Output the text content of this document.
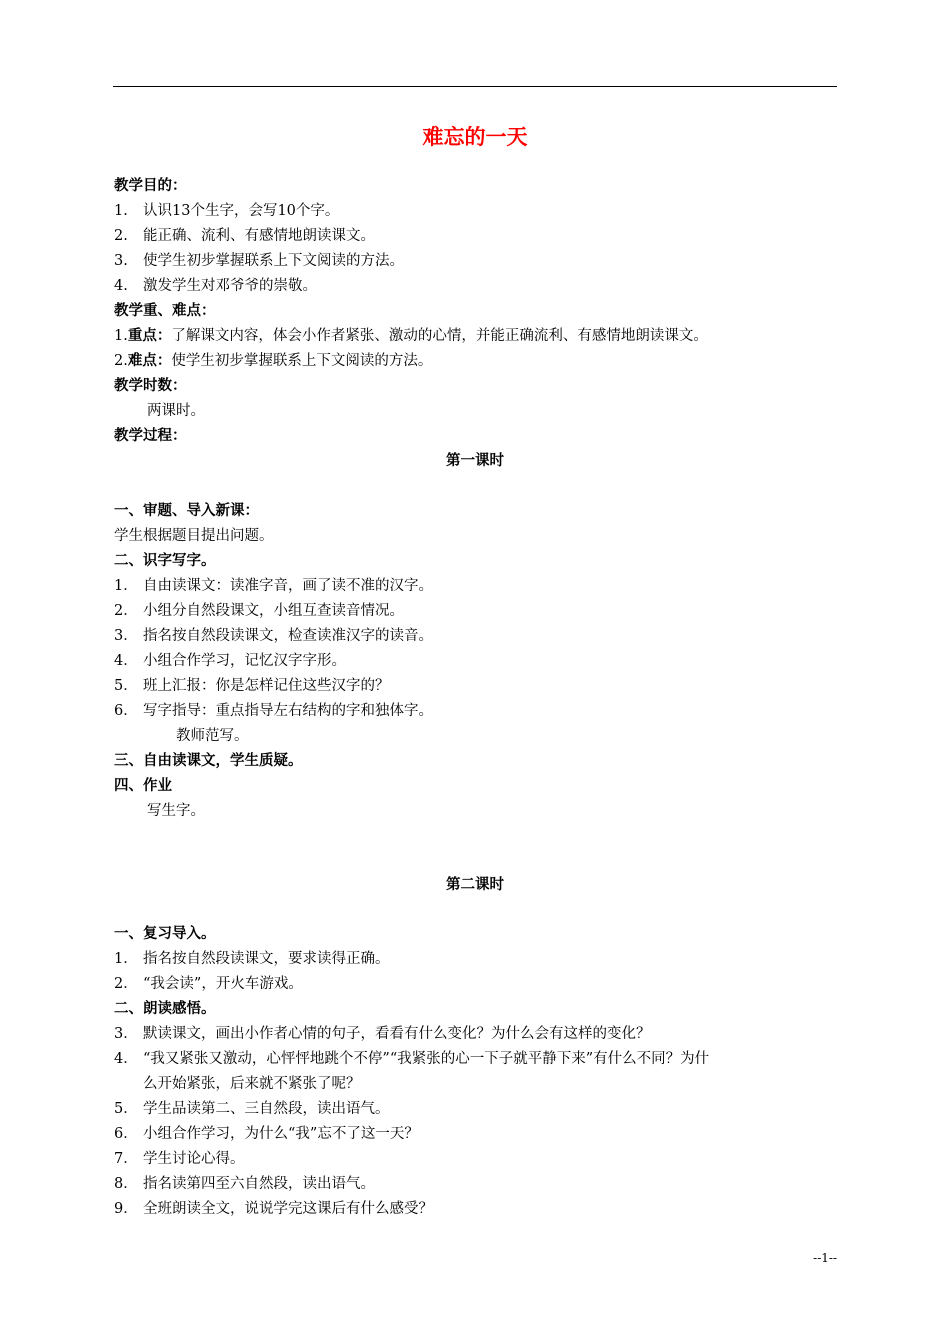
难忘的一天
教学目的：
1. 认识13个生字，会写10个字。
2. 能正确、流利、有感情地朗读课文。
3. 使学生初步掌握联系上下文阅读的方法。
4. 激发学生对邓爷爷的崇敬。
教学重、难点：
1.重点：了解课文内容，体会小作者紧张、激动的心情，并能正确流利、有感情地朗读课文。
2.难点：使学生初步掌握联系上下文阅读的方法。
教学时数：
两课时。
教学过程：
第一课时
一、审题、导入新课：
学生根据题目提出问题。
二、识字写字。
1． 自由读课文：读准字音，画了读不准的汉字。
2． 小组分自然段课文，小组互查读音情况。
3． 指名按自然段读课文，检查读准汉字的读音。
4． 小组合作学习，记忆汉字字形。
5． 班上汇报：你是怎样记住这些汉字的？
6． 写字指导：重点指导左右结构的字和独体字。
教师范写。
三、自由读课文，学生质疑。
四、作业
写生字。
第二课时
一、复习导入。
1． 指名按自然段读课文，要求读得正确。
2． “我会读”，开火车游戏。
二、朗读感悟。
3． 默读课文，画出小作者心情的句子，看看有什么变化？为什么会有这样的变化？
4． “我又紧张又激动，心怦怦地跳个不停”“我紧张的心一下子就平静下来”有什么不同？为什
么开始紧张，后来就不紧张了呢？
5． 学生品读第二、三自然段，读出语气。
6． 小组合作学习，为什么“我”忘不了这一天？
7． 学生讨论心得。
8． 指名读第四至六自然段，读出语气。
9． 全班朗读全文，说说学完这课后有什么感受？
--1--
